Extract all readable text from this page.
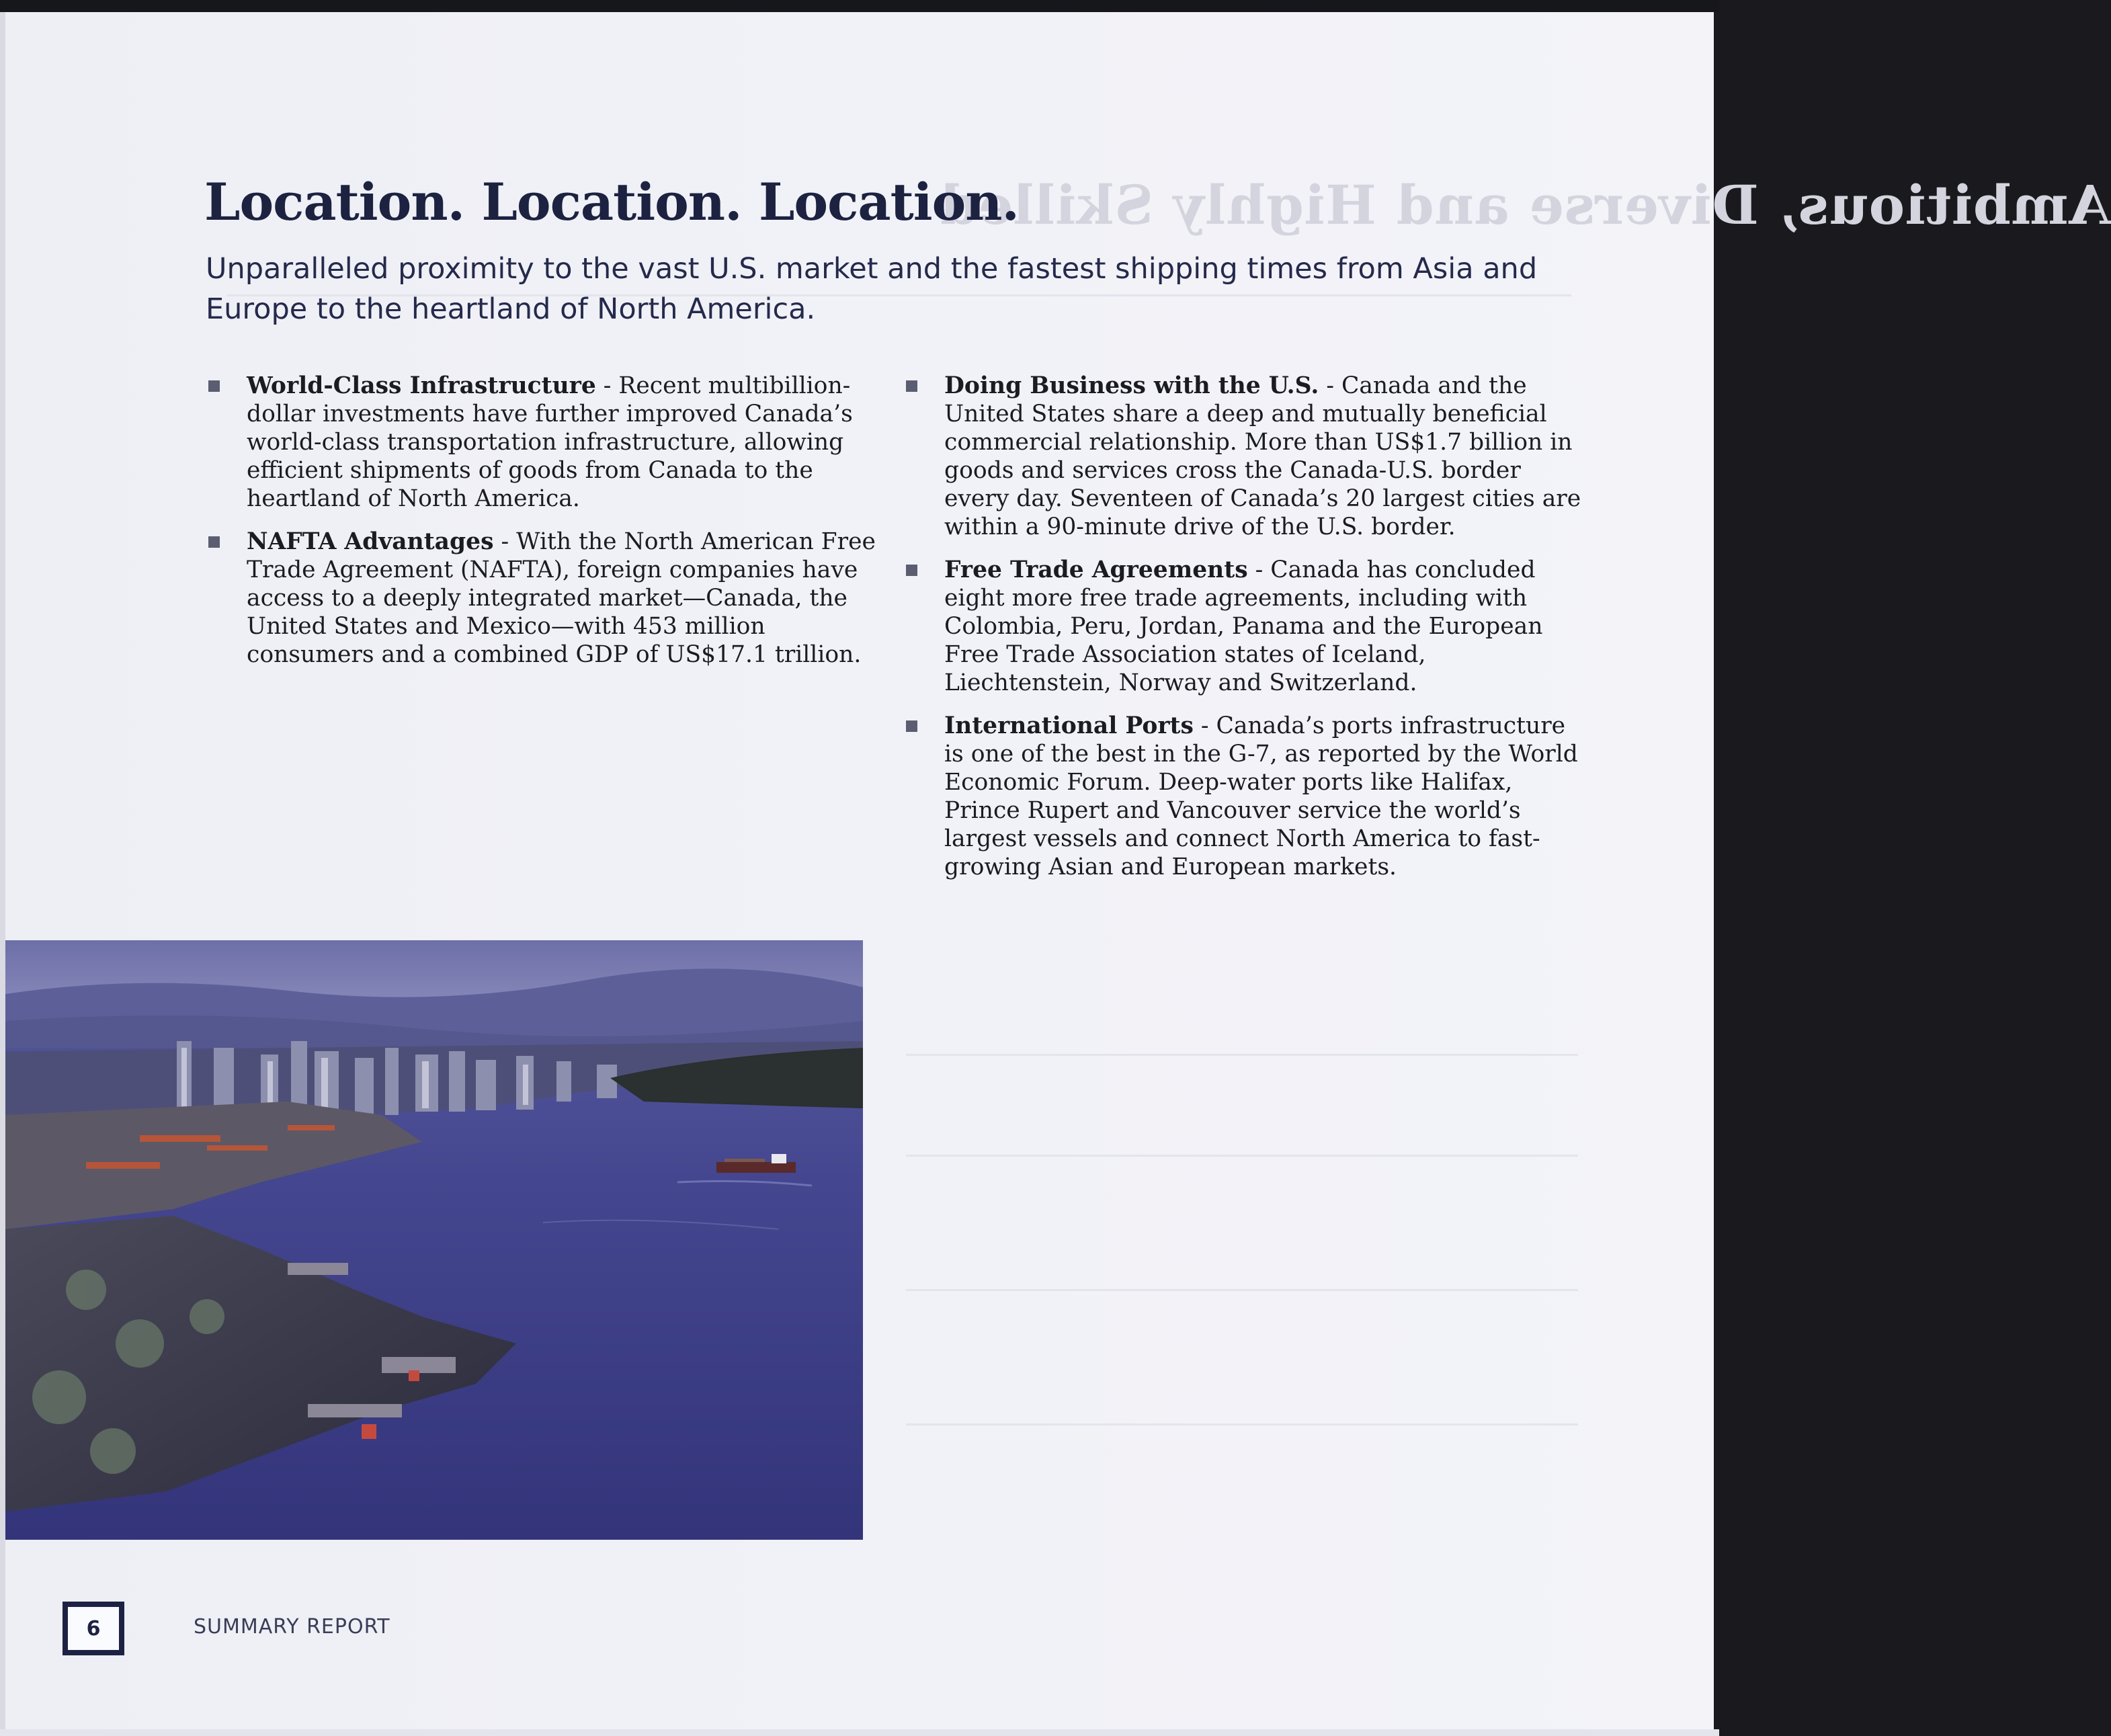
Ambitious, Diverse and Highly Skilled
Location. Location. Location.

Unparalleled proximity to the vast U.S. market and the fastest shipping times from Asia and Europe to the heartland of North America.

World-Class Infrastructure - Recent multibillion-dollar investments have further improved Canada’s world-class transportation infrastructure, allowing efficient shipments of goods from Canada to the heartland of North America.
NAFTA Advantages - With the North American Free Trade Agreement (NAFTA), foreign companies have access to a deeply integrated market—Canada, the United States and Mexico—with 453 million consumers and a combined GDP of US$17.1 trillion.
Doing Business with the U.S. - Canada and the United States share a deep and mutually beneficial commercial relationship. More than US$1.7 billion in goods and services cross the Canada-U.S. border every day. Seventeen of Canada’s 20 largest cities are within a 90-minute drive of the U.S. border.
Free Trade Agreements - Canada has concluded eight more free trade agreements, including with Colombia, Peru, Jordan, Panama and the European Free Trade Association states of Iceland, Liechtenstein, Norway and Switzerland.
International Ports - Canada’s ports infrastructure is one of the best in the G-7, as reported by the World Economic Forum. Deep-water ports like Halifax, Prince Rupert and Vancouver service the world’s largest vessels and connect North America to fast-growing Asian and European markets.
6	SUMMARY REPORT
